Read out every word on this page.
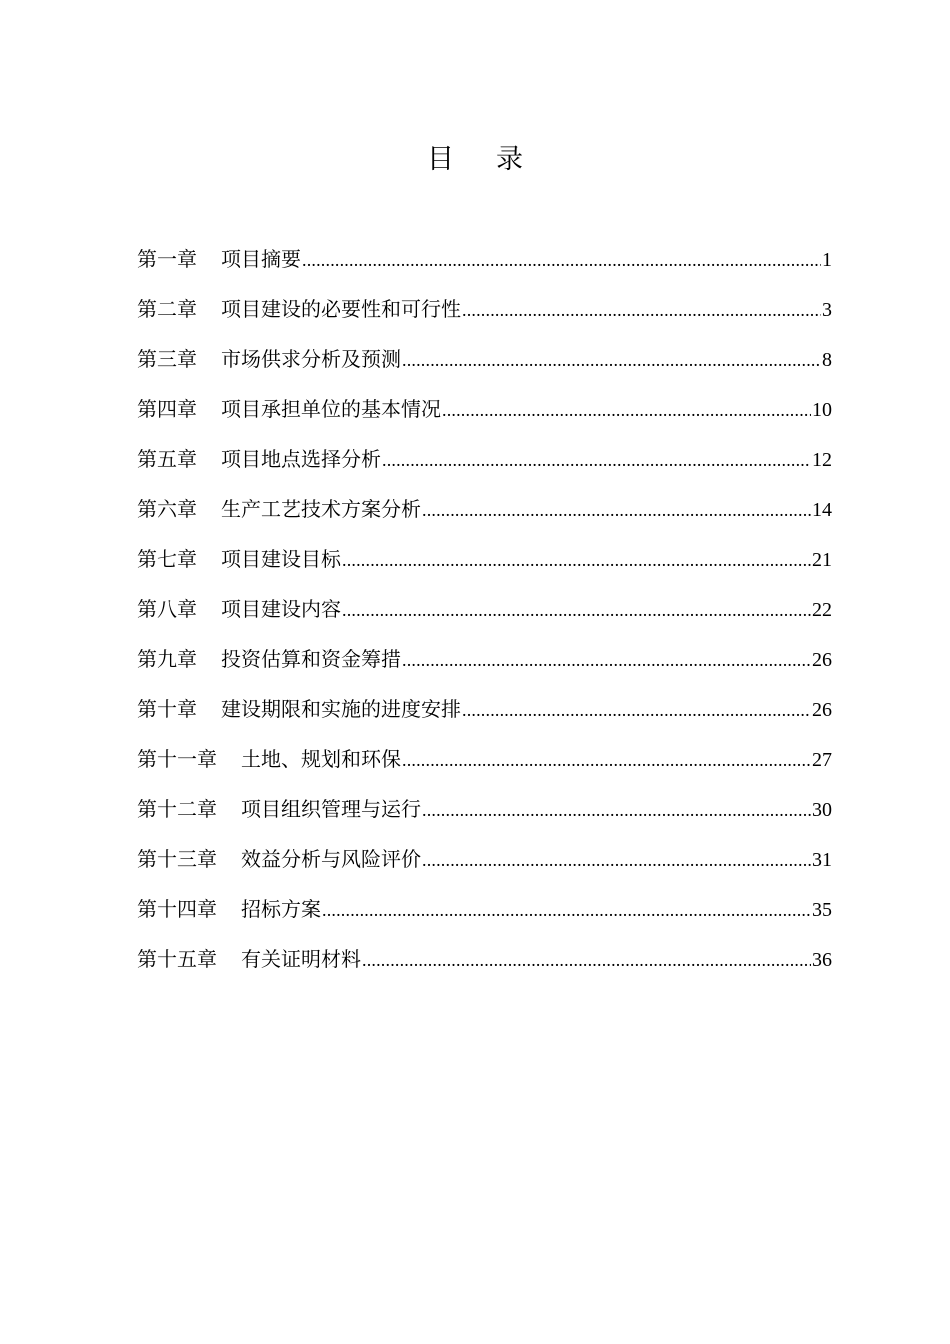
目 录
第一章 项目摘要 .....	1
第二章 项目建设的必要性和可行性 .....	3
第三章 市场供求分析及预测 .....	8
第四章 项目承担单位的基本情况 .....	10
第五章 项目地点选择分析 .....	12
第六章 生产工艺技术方案分析 .....	14
第七章 项目建设目标 .....	21
第八章 项目建设内容 .....	22
第九章 投资估算和资金筹措 .....	26
第十章 建设期限和实施的进度安排 .....	26
第十一章 土地、规划和环保 .....	27
第十二章 项目组织管理与运行 .....	30
第十三章 效益分析与风险评价 .....	31
第十四章 招标方案 .....	35
第十五章 有关证明材料 .....	36
